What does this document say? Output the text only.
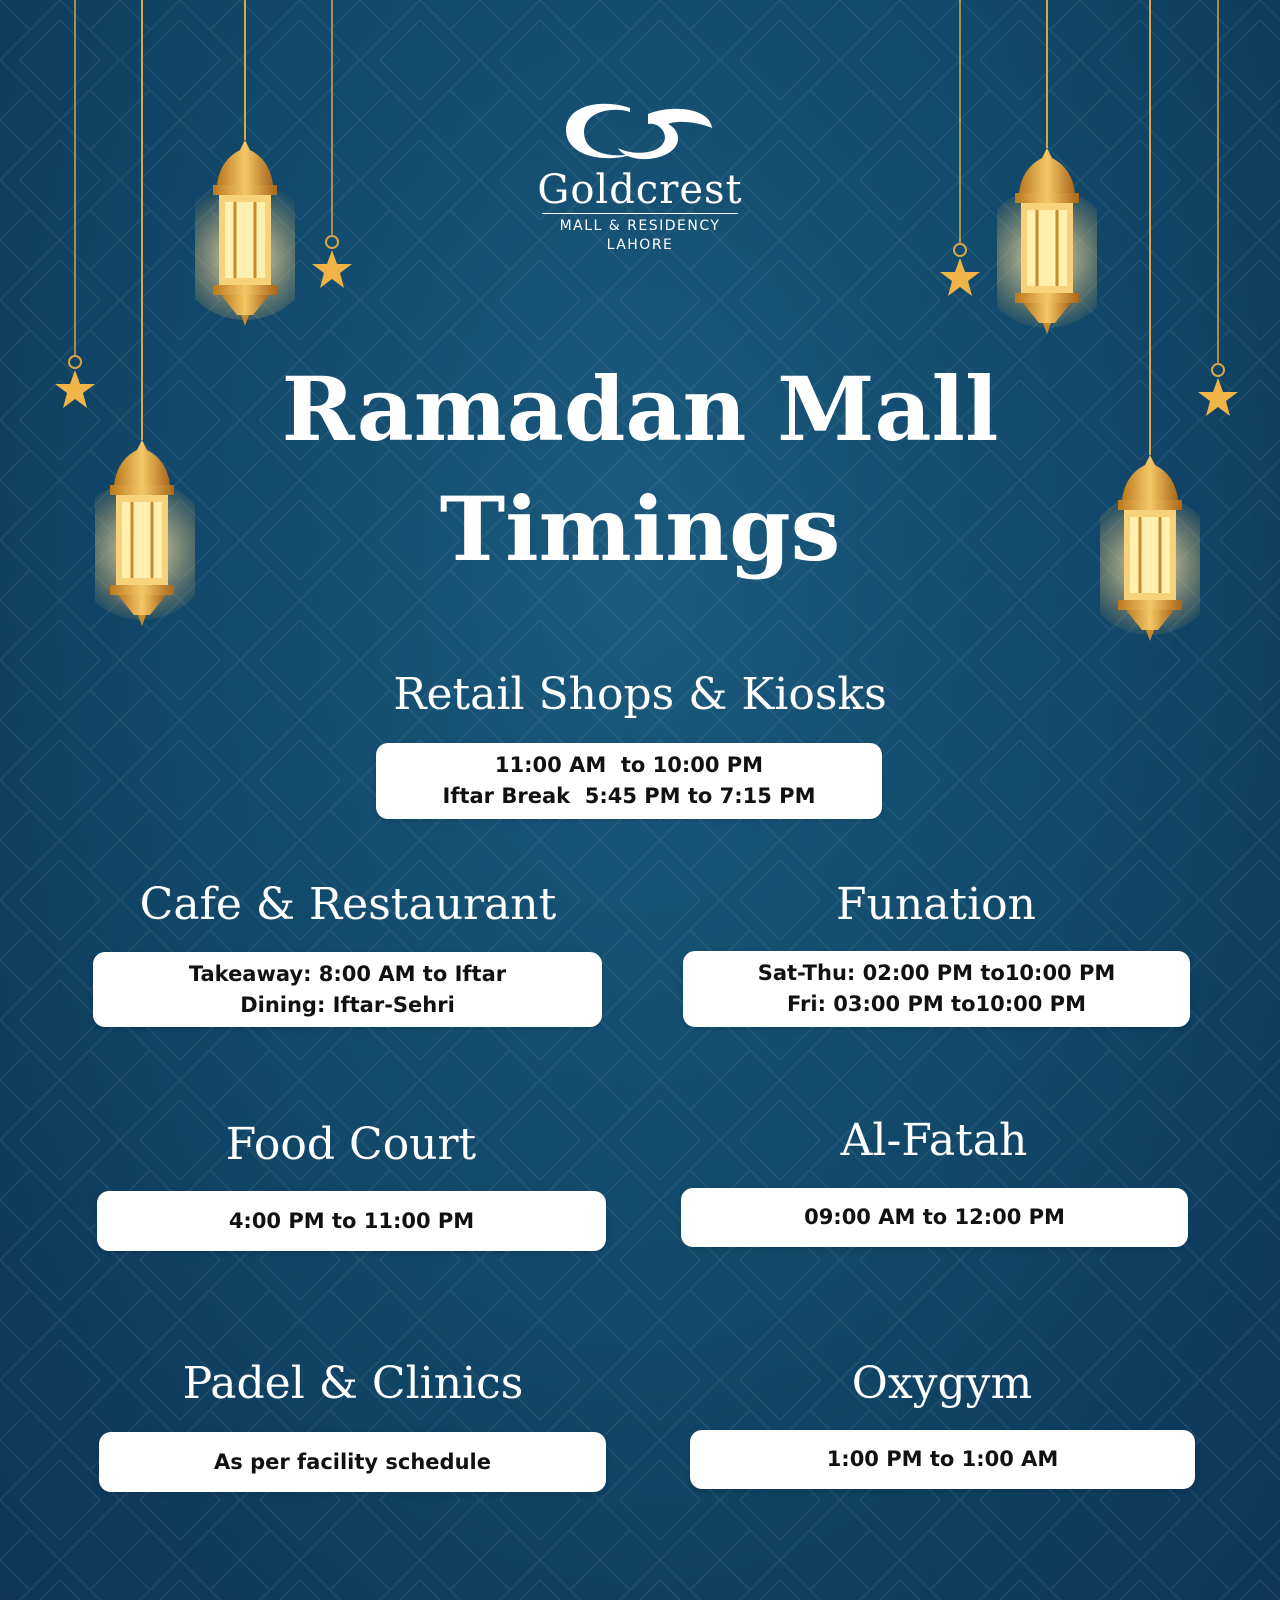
Goldcrest
MALL & RESIDENCY
LAHORE
Ramadan Mall
Timings
Retail Shops & Kiosks
11:00 AM  to 10:00 PM
Iftar Break  5:45 PM to 7:15 PM
Cafe & Restaurant
Takeaway: 8:00 AM to Iftar
Dining: Iftar-Sehri
Funation
Sat-Thu: 02:00 PM to10:00 PM
Fri: 03:00 PM to10:00 PM
Food Court
4:00 PM to 11:00 PM
Al-Fatah
09:00 AM to 12:00 PM
Padel & Clinics
As per facility schedule
Oxygym
1:00 PM to 1:00 AM
